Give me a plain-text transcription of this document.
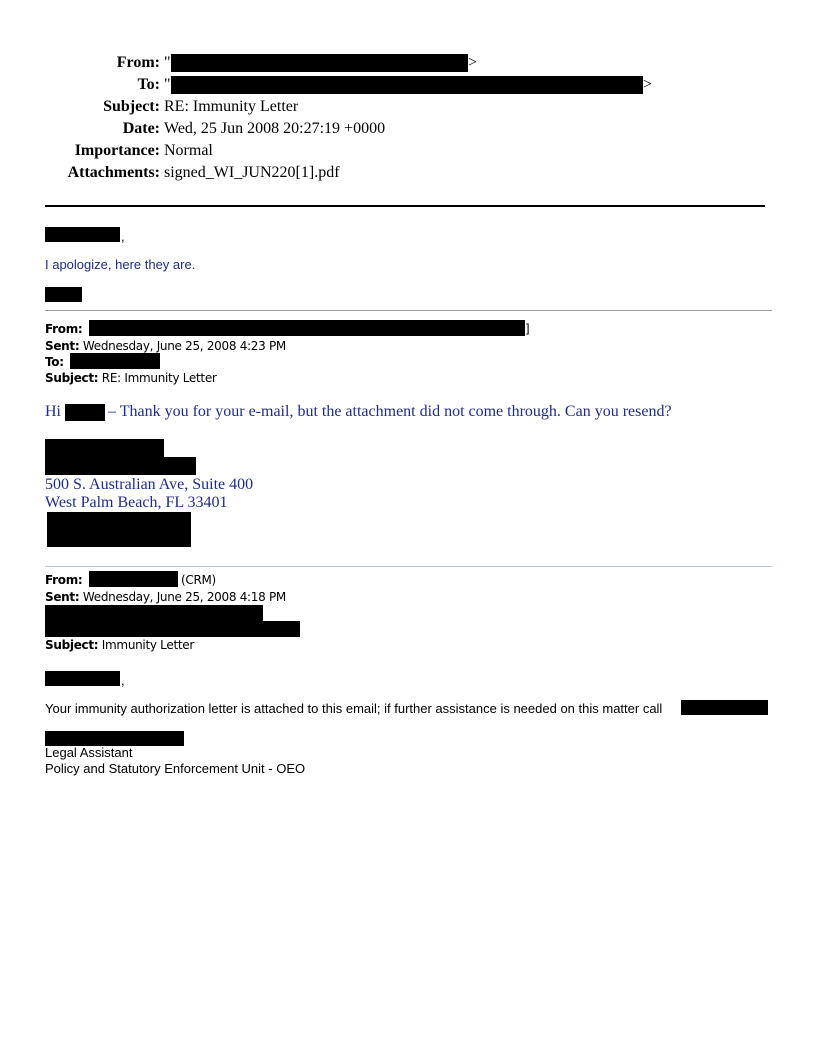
From: "	>
To: "	>
Subject: RE: Immunity Letter
Date: Wed, 25 Jun 2008 20:27:19 +0000
Importance: Normal
Attachments: signed_WI_JUN220[1].pdf
,
I apologize, here they are.
From:	]
Sent: Wednesday, June 25, 2008 4:23 PM
To:
Subject: RE: Immunity Letter
Hi	– Thank you for your e-mail, but the attachment did not come through. Can you resend?
500 S. Australian Ave, Suite 400
West Palm Beach, FL 33401
From:	(CRM)
Sent: Wednesday, June 25, 2008 4:18 PM
Subject: Immunity Letter
,
Your immunity authorization letter is attached to this email; if further assistance is needed on this matter call
Legal Assistant
Policy and Statutory Enforcement Unit - OEO
